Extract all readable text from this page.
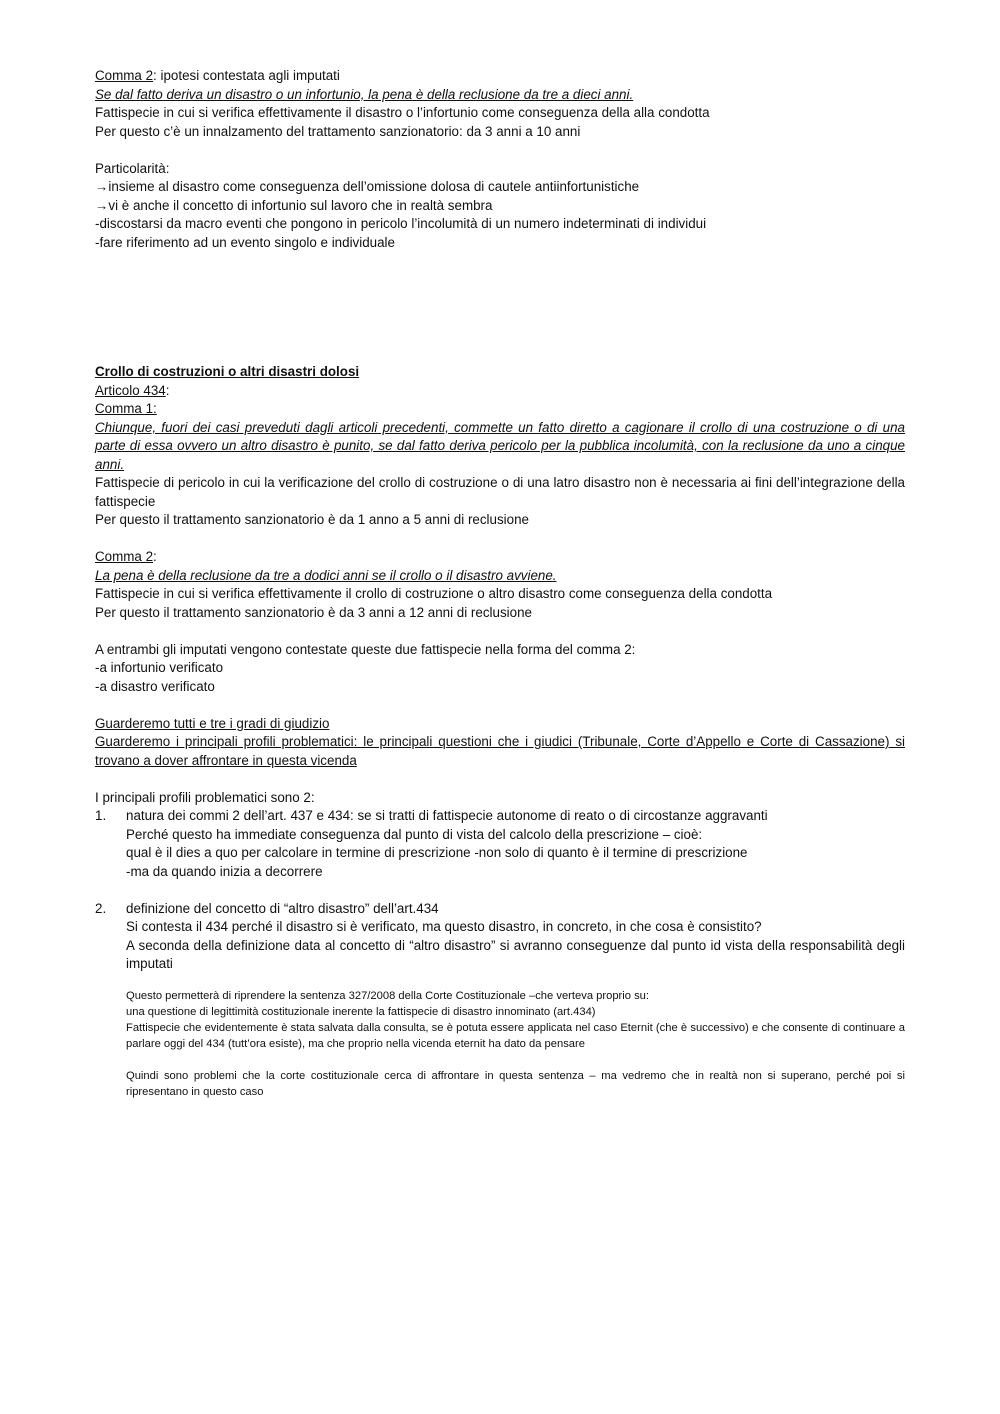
Comma 2: ipotesi contestata agli imputati
Se dal fatto deriva un disastro o un infortunio, la pena è della reclusione da tre a dieci anni.
Fattispecie in cui si verifica effettivamente il disastro o l’infortunio come conseguenza della alla condotta
Per questo c’è un innalzamento del trattamento sanzionatorio: da 3 anni a 10 anni
Particolarità:
→insieme al disastro come conseguenza dell’omissione dolosa di cautele antiinfortunistiche
→vi è anche il concetto di infortunio sul lavoro che in realtà sembra
-discostarsi da macro eventi che pongono in pericolo l’incolumità di un numero indeterminati di individui
-fare riferimento ad un evento singolo e individuale
Crollo di costruzioni o altri disastri dolosi
Articolo 434:
Comma 1:
Chiunque, fuori dei casi preveduti dagli articoli precedenti, commette un fatto diretto a cagionare il crollo di una costruzione o di una parte di essa ovvero un altro disastro è punito, se dal fatto deriva pericolo per la pubblica incolumità, con la reclusione da uno a cinque anni.
Fattispecie di pericolo in cui la verificazione del crollo di costruzione o di una latro disastro non è necessaria ai fini dell’integrazione della fattispecie
Per questo il trattamento sanzionatorio è da 1 anno a 5 anni di reclusione
Comma 2:
La pena è della reclusione da tre a dodici anni se il crollo o il disastro avviene.
Fattispecie in cui si verifica effettivamente il crollo di costruzione o altro disastro come conseguenza della condotta
Per questo il trattamento sanzionatorio è da 3 anni a 12 anni di reclusione
A entrambi gli imputati vengono contestate queste due fattispecie nella forma del comma 2:
-a infortunio verificato
-a disastro verificato
Guarderemo tutti e tre i gradi di giudizio
Guarderemo i principali profili problematici: le principali questioni che i giudici (Tribunale, Corte d’Appello e Corte di Cassazione) si trovano a dover affrontare in questa vicenda
I principali profili problematici sono 2:
1.	natura dei commi 2 dell’art. 437 e 434: se si tratti di fattispecie autonome di reato o di circostanze aggravanti
Perché questo ha immediate conseguenza dal punto di vista del calcolo della prescrizione – cioè:
qual è il dies a quo per calcolare in termine di prescrizione -non solo di quanto è il termine di prescrizione
-ma da quando inizia a decorrere
2.	definizione del concetto di “altro disastro” dell’art.434
Si contesta il 434 perché il disastro si è verificato, ma questo disastro, in concreto, in che cosa è consistito?
A seconda della definizione data al concetto di “altro disastro” si avranno conseguenze dal punto id vista della responsabilità degli imputati
Questo permetterà di riprendere la sentenza 327/2008 della Corte Costituzionale –che verteva proprio su:
una questione di legittimità costituzionale inerente la fattispecie di disastro innominato (art.434)
Fattispecie che evidentemente è stata salvata dalla consulta, se è potuta essere applicata nel caso Eternit (che è successivo) e che consente di continuare a parlare oggi del 434 (tutt’ora esiste), ma che proprio nella vicenda eternit ha dato da pensare
Quindi sono problemi che la corte costituzionale cerca di affrontare in questa sentenza – ma vedremo che in realtà non si superano, perché poi si ripresentano in questo caso
